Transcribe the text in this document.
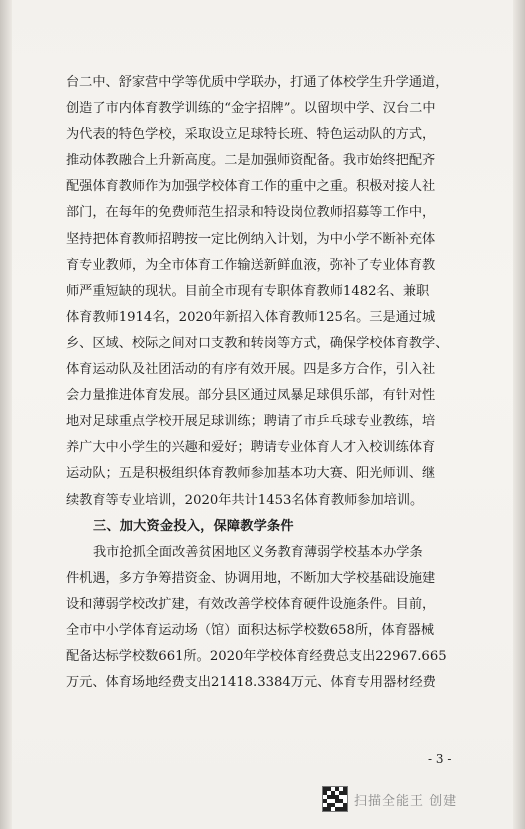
台二中、舒家营中学等优质中学联办，打通了体校学生升学通道，
创造了市内体育教学训练的“金字招牌”。以留坝中学、汉台二中
为代表的特色学校，采取设立足球特长班、特色运动队的方式，
推动体教融合上升新高度。二是加强师资配备。我市始终把配齐
配强体育教师作为加强学校体育工作的重中之重。积极对接人社
部门，在每年的免费师范生招录和特设岗位教师招募等工作中，
坚持把体育教师招聘按一定比例纳入计划，为中小学不断补充体
育专业教师，为全市体育工作输送新鲜血液，弥补了专业体育教
师严重短缺的现状。目前全市现有专职体育教师1482名、兼职
体育教师1914名，2020年新招入体育教师125名。三是通过城
乡、区域、校际之间对口支教和转岗等方式，确保学校体育教学、
体育运动队及社团活动的有序有效开展。四是多方合作，引入社
会力量推进体育发展。部分县区通过凤暴足球俱乐部，有针对性
地对足球重点学校开展足球训练；聘请了市乒乓球专业教练，培
养广大中小学生的兴趣和爱好；聘请专业体育人才入校训练体育
运动队；五是积极组织体育教师参加基本功大赛、阳光师训、继
续教育等专业培训，2020年共计1453名体育教师参加培训。
三、加大资金投入，保障教学条件
我市抢抓全面改善贫困地区义务教育薄弱学校基本办学条
件机遇，多方争筹措资金、协调用地，不断加大学校基础设施建
设和薄弱学校改扩建，有效改善学校体育硬件设施条件。目前，
全市中小学体育运动场（馆）面积达标学校数658所，体育器械
配备达标学校数661所。2020年学校体育经费总支出22967.665
万元、体育场地经费支出21418.3384万元、体育专用器材经费
- 3 -
扫描全能王 创建
